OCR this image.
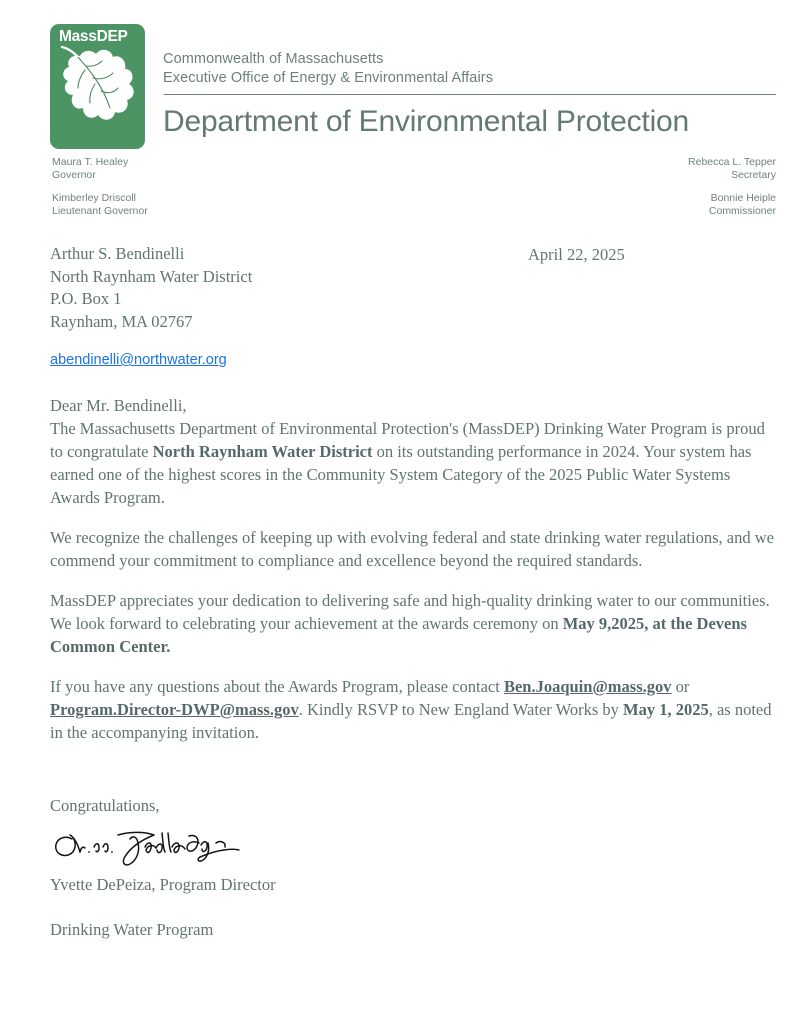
MassDEP
Commonwealth of Massachusetts
Executive Office of Energy & Environmental Affairs
Department of Environmental Protection
Maura T. Healey
Governor
Kimberley Driscoll
Lieutenant Governor
Rebecca L. Tepper
Secretary
Bonnie Heiple
Commissioner
Arthur S. Bendinelli
North Raynham Water District
P.O. Box 1
Raynham, MA 02767
April 22, 2025
abendinelli@northwater.org
Dear Mr. Bendinelli,

The Massachusetts Department of Environmental Protection's (MassDEP) Drinking Water Program is proud to congratulate North Raynham Water District on its outstanding performance in 2024. Your system has earned one of the highest scores in the Community System Category of the 2025 Public Water Systems Awards Program.

We recognize the challenges of keeping up with evolving federal and state drinking water regulations, and we commend your commitment to compliance and excellence beyond the required standards.

MassDEP appreciates your dedication to delivering safe and high-quality drinking water to our communities. We look forward to celebrating your achievement at the awards ceremony on May 9,2025, at the Devens Common Center.

If you have any questions about the Awards Program, please contact Ben.Joaquin@mass.gov or Program.Director-DWP@mass.gov. Kindly RSVP to New England Water Works by May 1, 2025, as noted in the accompanying invitation.

Congratulations,
Yvette DePeiza, Program Director
Drinking Water Program
